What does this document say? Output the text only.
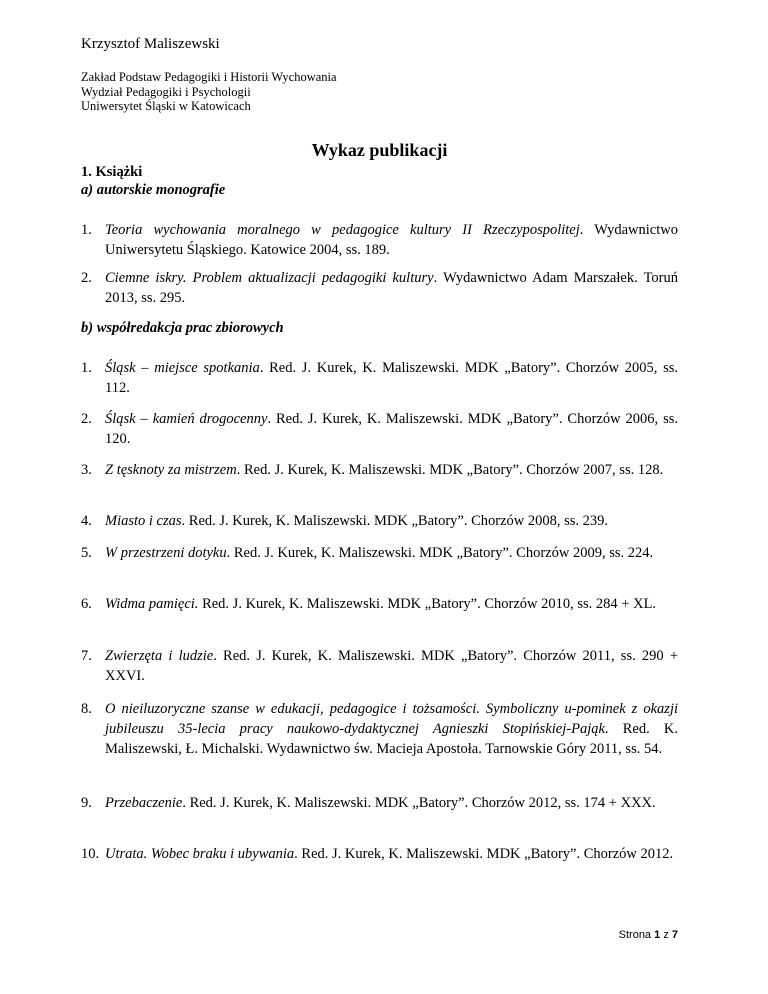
Krzysztof Maliszewski
Zakład Podstaw Pedagogiki i Historii Wychowania
Wydział Pedagogiki i Psychologii
Uniwersytet Śląski w Katowicach
Wykaz publikacji
1. Książki
a) autorskie monografie
1. Teoria wychowania moralnego w pedagogice kultury II Rzeczypospolitej. Wydawnictwo Uniwersytetu Śląskiego. Katowice 2004, ss. 189.
2. Ciemne iskry. Problem aktualizacji pedagogiki kultury. Wydawnictwo Adam Marszałek. Toruń 2013, ss. 295.
b) współredakcja prac zbiorowych
1. Śląsk – miejsce spotkania. Red. J. Kurek, K. Maliszewski. MDK „Batory”. Chorzów 2005, ss. 112.
2. Śląsk – kamień drogocenny. Red. J. Kurek, K. Maliszewski. MDK „Batory”. Chorzów 2006, ss. 120.
3. Z tęsknoty za mistrzem. Red. J. Kurek, K. Maliszewski. MDK „Batory”. Chorzów 2007, ss. 128.
4. Miasto i czas. Red. J. Kurek, K. Maliszewski. MDK „Batory”. Chorzów 2008, ss. 239.
5. W przestrzeni dotyku. Red. J. Kurek, K. Maliszewski. MDK „Batory”. Chorzów 2009, ss. 224.
6. Widma pamięci. Red. J. Kurek, K. Maliszewski. MDK „Batory”. Chorzów 2010, ss. 284 + XL.
7. Zwierzęta i ludzie. Red. J. Kurek, K. Maliszewski. MDK „Batory”. Chorzów 2011, ss. 290 + XXVI.
8. O nieiluzoryczne szanse w edukacji, pedagogice i tożsamości. Symboliczny u-pominek z okazji jubileuszu 35-lecia pracy naukowo-dydaktycznej Agnieszki Stopińskiej-Pająk. Red. K. Maliszewski, Ł. Michalski. Wydawnictwo św. Macieja Apostoła. Tarnowskie Góry 2011, ss. 54.
9. Przebaczenie. Red. J. Kurek, K. Maliszewski. MDK „Batory”. Chorzów 2012, ss. 174 + XXX.
10. Utrata. Wobec braku i ubywania. Red. J. Kurek, K. Maliszewski. MDK „Batory”. Chorzów 2012.
Strona 1 z 7
